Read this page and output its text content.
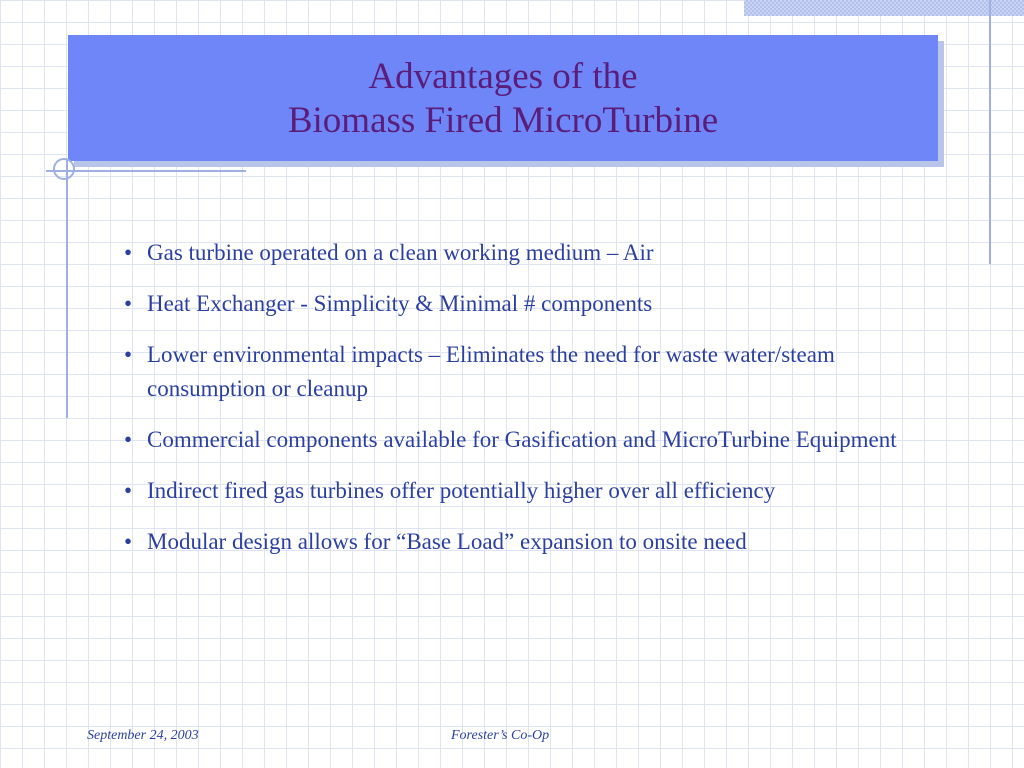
Advantages of the
Biomass Fired MicroTurbine
• Gas turbine operated on a clean working medium – Air
• Heat Exchanger - Simplicity & Minimal # components
• Lower environmental impacts – Eliminates the need for waste water/steam consumption or cleanup
• Commercial components available for Gasification and MicroTurbine Equipment
• Indirect fired gas turbines offer potentially higher over all efficiency
• Modular design allows for “Base Load” expansion to onsite need
September 24, 2003	Forester’s Co-Op
